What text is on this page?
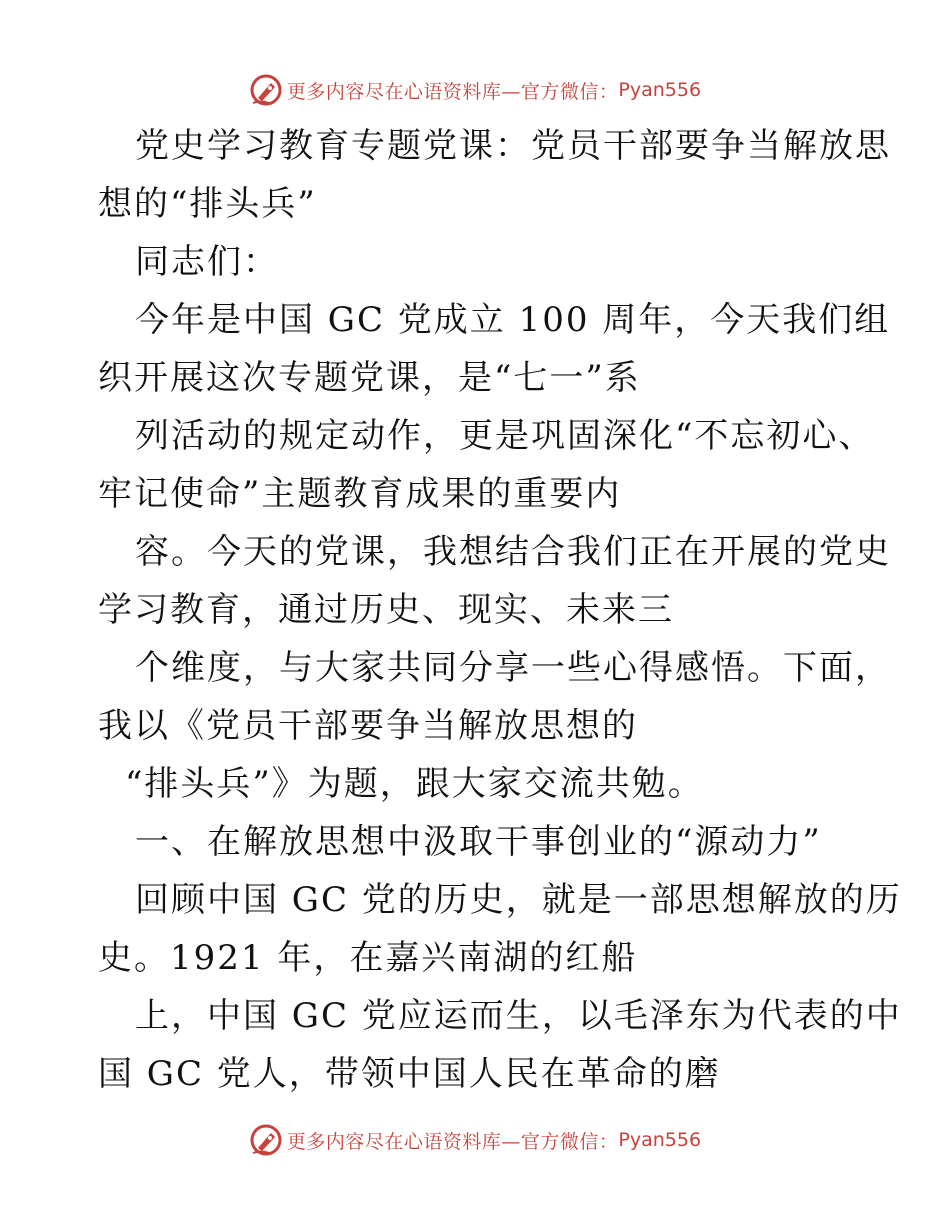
更多内容尽在心语资料库—官方微信： Pyan556
党史学习教育专题党课：党员干部要争当解放思
想的“排头兵”
同志们：
今年是中国 GC 党成立 100 周年，今天我们组
织开展这次专题党课，是“七一”系
列活动的规定动作，更是巩固深化“不忘初心、
牢记使命”主题教育成果的重要内
容。今天的党课，我想结合我们正在开展的党史
学习教育，通过历史、现实、未来三
个维度，与大家共同分享一些心得感悟。下面，
我以《党员干部要争当解放思想的
“排头兵”》为题，跟大家交流共勉。
一、在解放思想中汲取干事创业的“源动力”
回顾中国 GC 党的历史，就是一部思想解放的历
史。1921 年，在嘉兴南湖的红船
上，中国 GC 党应运而生，以毛泽东为代表的中
国 GC 党人，带领中国人民在革命的磨
更多内容尽在心语资料库—官方微信： Pyan556
